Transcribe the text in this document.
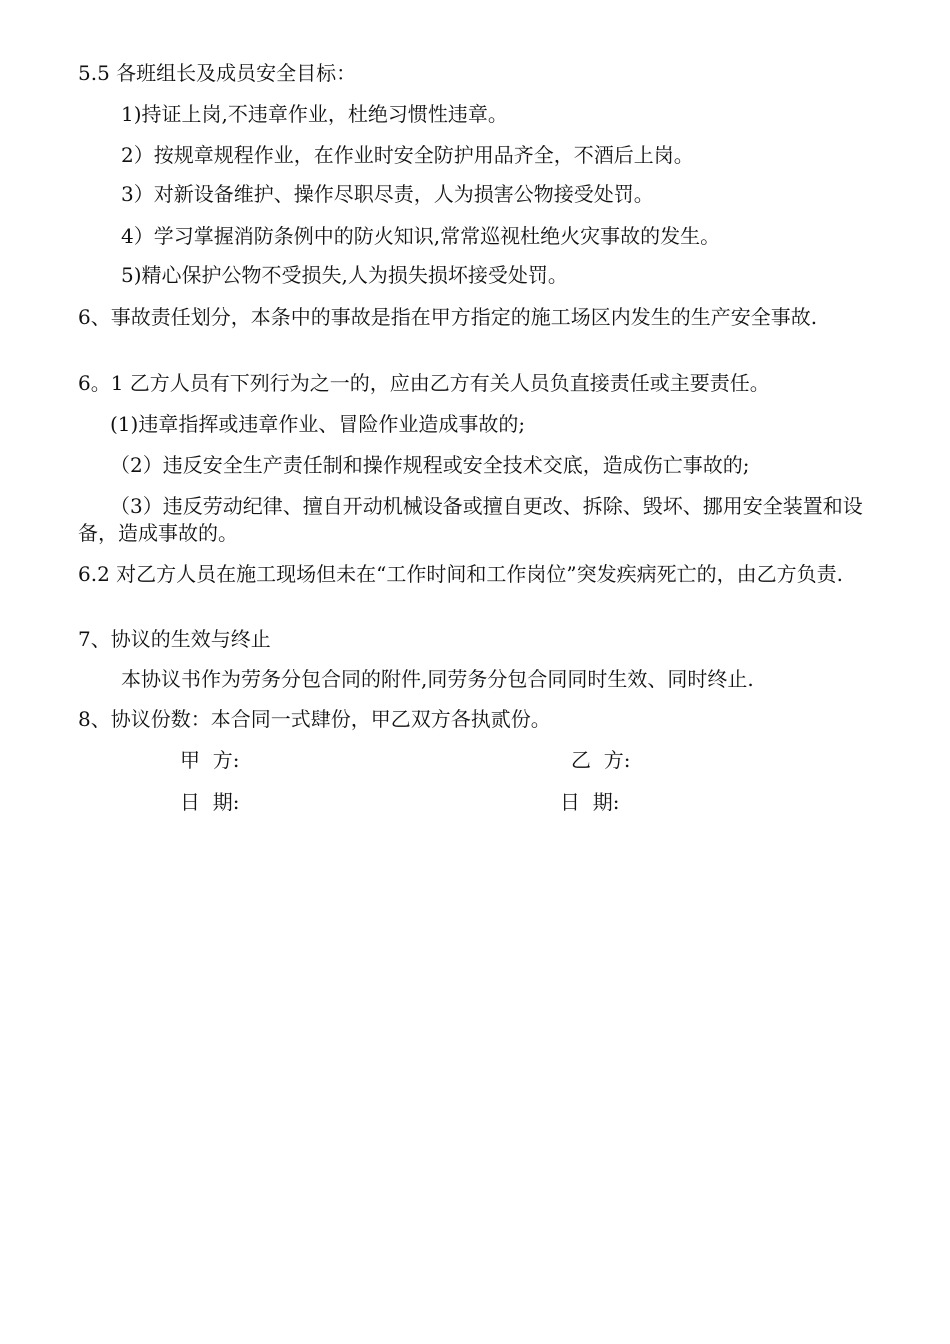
5.5 各班组长及成员安全目标：
1)持证上岗,不违章作业，杜绝习惯性违章。
2）按规章规程作业，在作业时安全防护用品齐全，不酒后上岗。
3）对新设备维护、操作尽职尽责，人为损害公物接受处罚。
4）学习掌握消防条例中的防火知识,常常巡视杜绝火灾事故的发生。
5)精心保护公物不受损失,人为损失损坏接受处罚。
6、事故责任划分，本条中的事故是指在甲方指定的施工场区内发生的生产安全事故.
6。1 乙方人员有下列行为之一的，应由乙方有关人员负直接责任或主要责任。
(1)违章指挥或违章作业、冒险作业造成事故的;
（2）违反安全生产责任制和操作规程或安全技术交底，造成伤亡事故的;
（3）违反劳动纪律、擅自开动机械设备或擅自更改、拆除、毁坏、挪用安全装置和设备，造成事故的。
6.2 对乙方人员在施工现场但未在“工作时间和工作岗位”突发疾病死亡的，由乙方负责.
7、协议的生效与终止
本协议书作为劳务分包合同的附件,同劳务分包合同同时生效、同时终止.
8、协议份数：本合同一式肆份，甲乙双方各执贰份。
甲  方:	乙  方:
日  期:	日  期:
